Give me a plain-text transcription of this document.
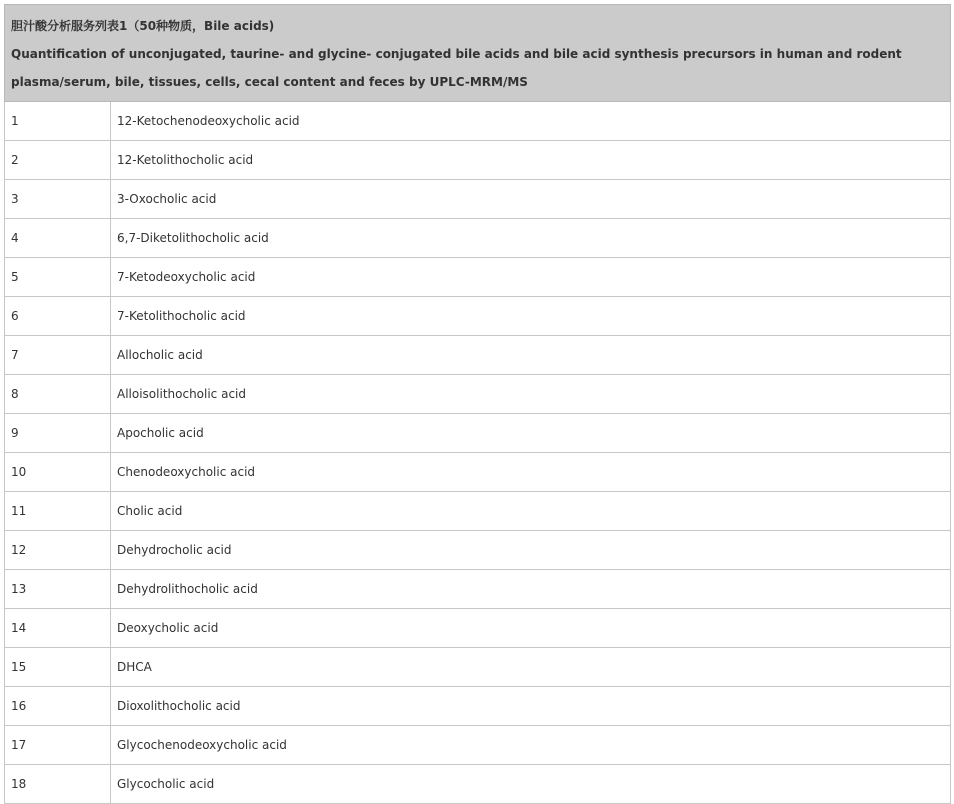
胆汁酸分析服务列表1（50种物质，Bile acids)
Quantification of unconjugated, taurine- and glycine- conjugated bile acids and bile acid synthesis precursors in human and rodent plasma/serum, bile, tissues, cells, cecal content and feces by UPLC-MRM/MS	

1	12-Ketochenodeoxycholic acid
2	12-Ketolithocholic acid
3	3-Oxocholic acid
4	6,7-Diketolithocholic acid
5	7-Ketodeoxycholic acid
6	7-Ketolithocholic acid
7	Allocholic acid
8	Alloisolithocholic acid
9	Apocholic acid
10	Chenodeoxycholic acid
11	Cholic acid
12	Dehydrocholic acid
13	Dehydrolithocholic acid
14	Deoxycholic acid
15	DHCA
16	Dioxolithocholic acid
17	Glycochenodeoxycholic acid
18	Glycocholic acid
